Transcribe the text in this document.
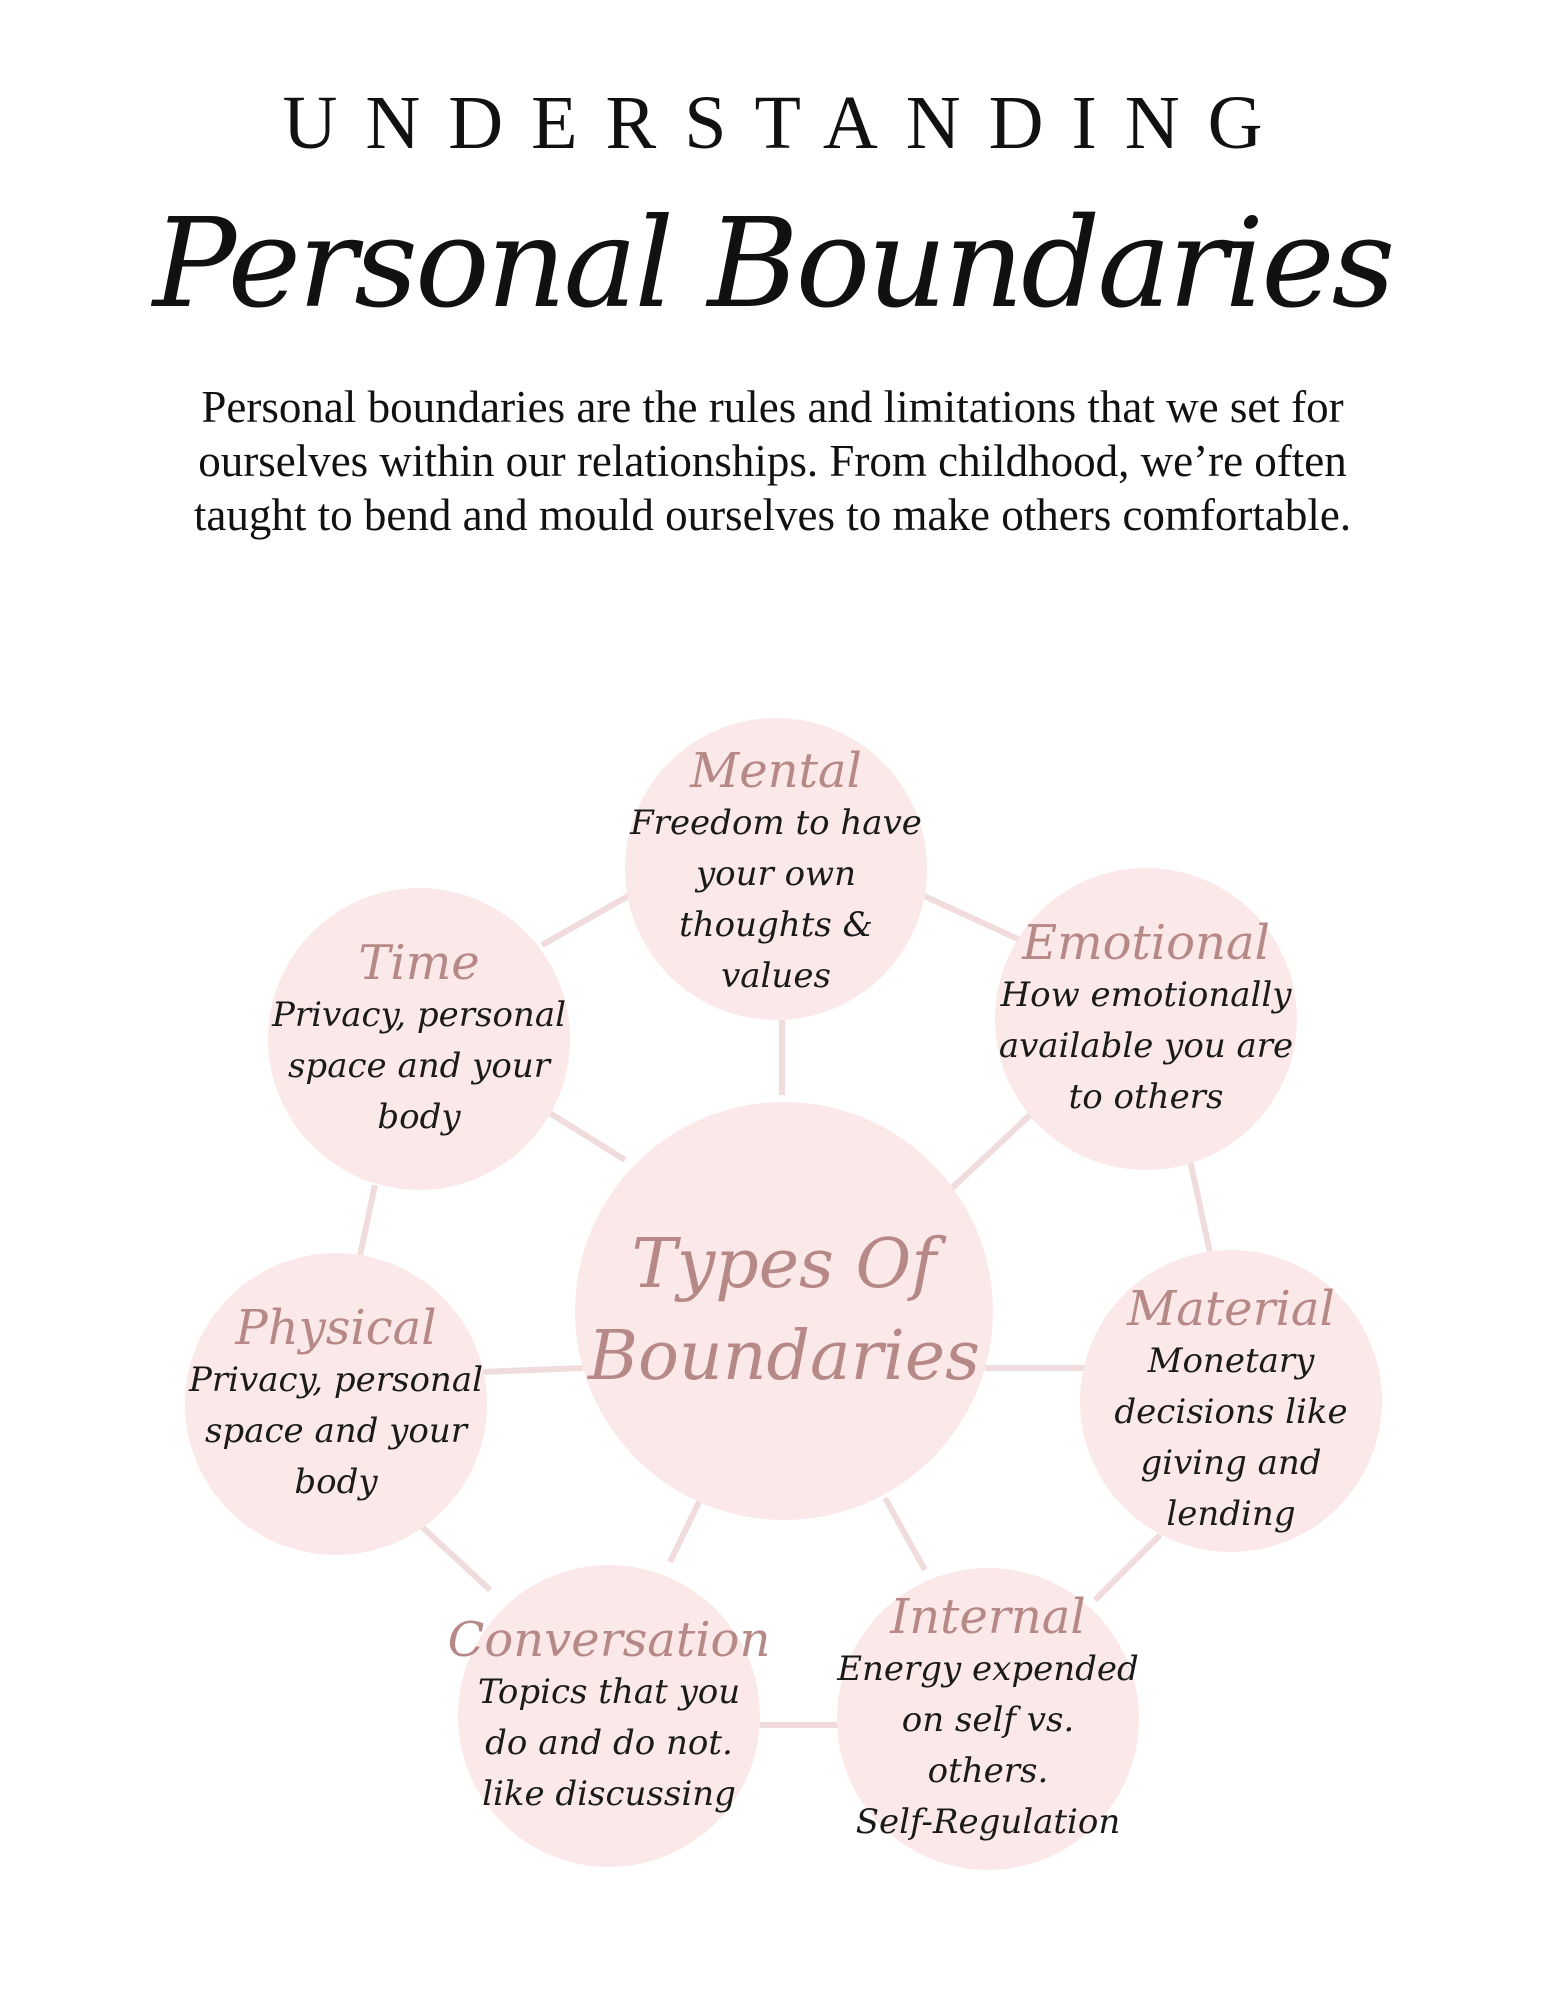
UNDERSTANDING
Personal Boundaries
Personal boundaries are the rules and limitations that we set for ourselves within our relationships. From childhood, we’re often taught to bend and mould ourselves to make others comfortable.
Types Of
Boundaries
Mental
Freedom to have
your own
thoughts &
values
Emotional
How emotionally
available you are
to others
Material
Monetary
decisions like
giving and
lending
Internal
Energy expended
on self vs. others.
Self-Regulation
Conversation
Topics that you
do and do not.
like discussing
Physical
Privacy, personal
space and your
body
Time
Privacy, personal
space and your
body
